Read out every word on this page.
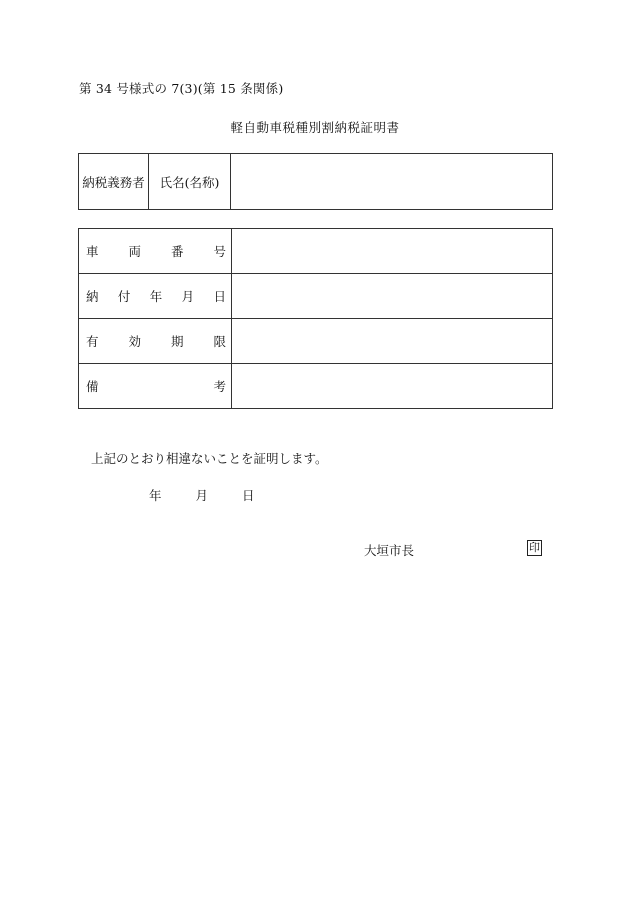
第 34 号様式の 7(3)(第 15 条関係)
軽自動車税種別割納税証明書
納税義務者	氏名(名称)	
車 両 番 号	

納 付 年 月 日	

有 効 期 限	

備 考	

上記のとおり相違ないことを証明します。
年	月	日
大垣市長	印
